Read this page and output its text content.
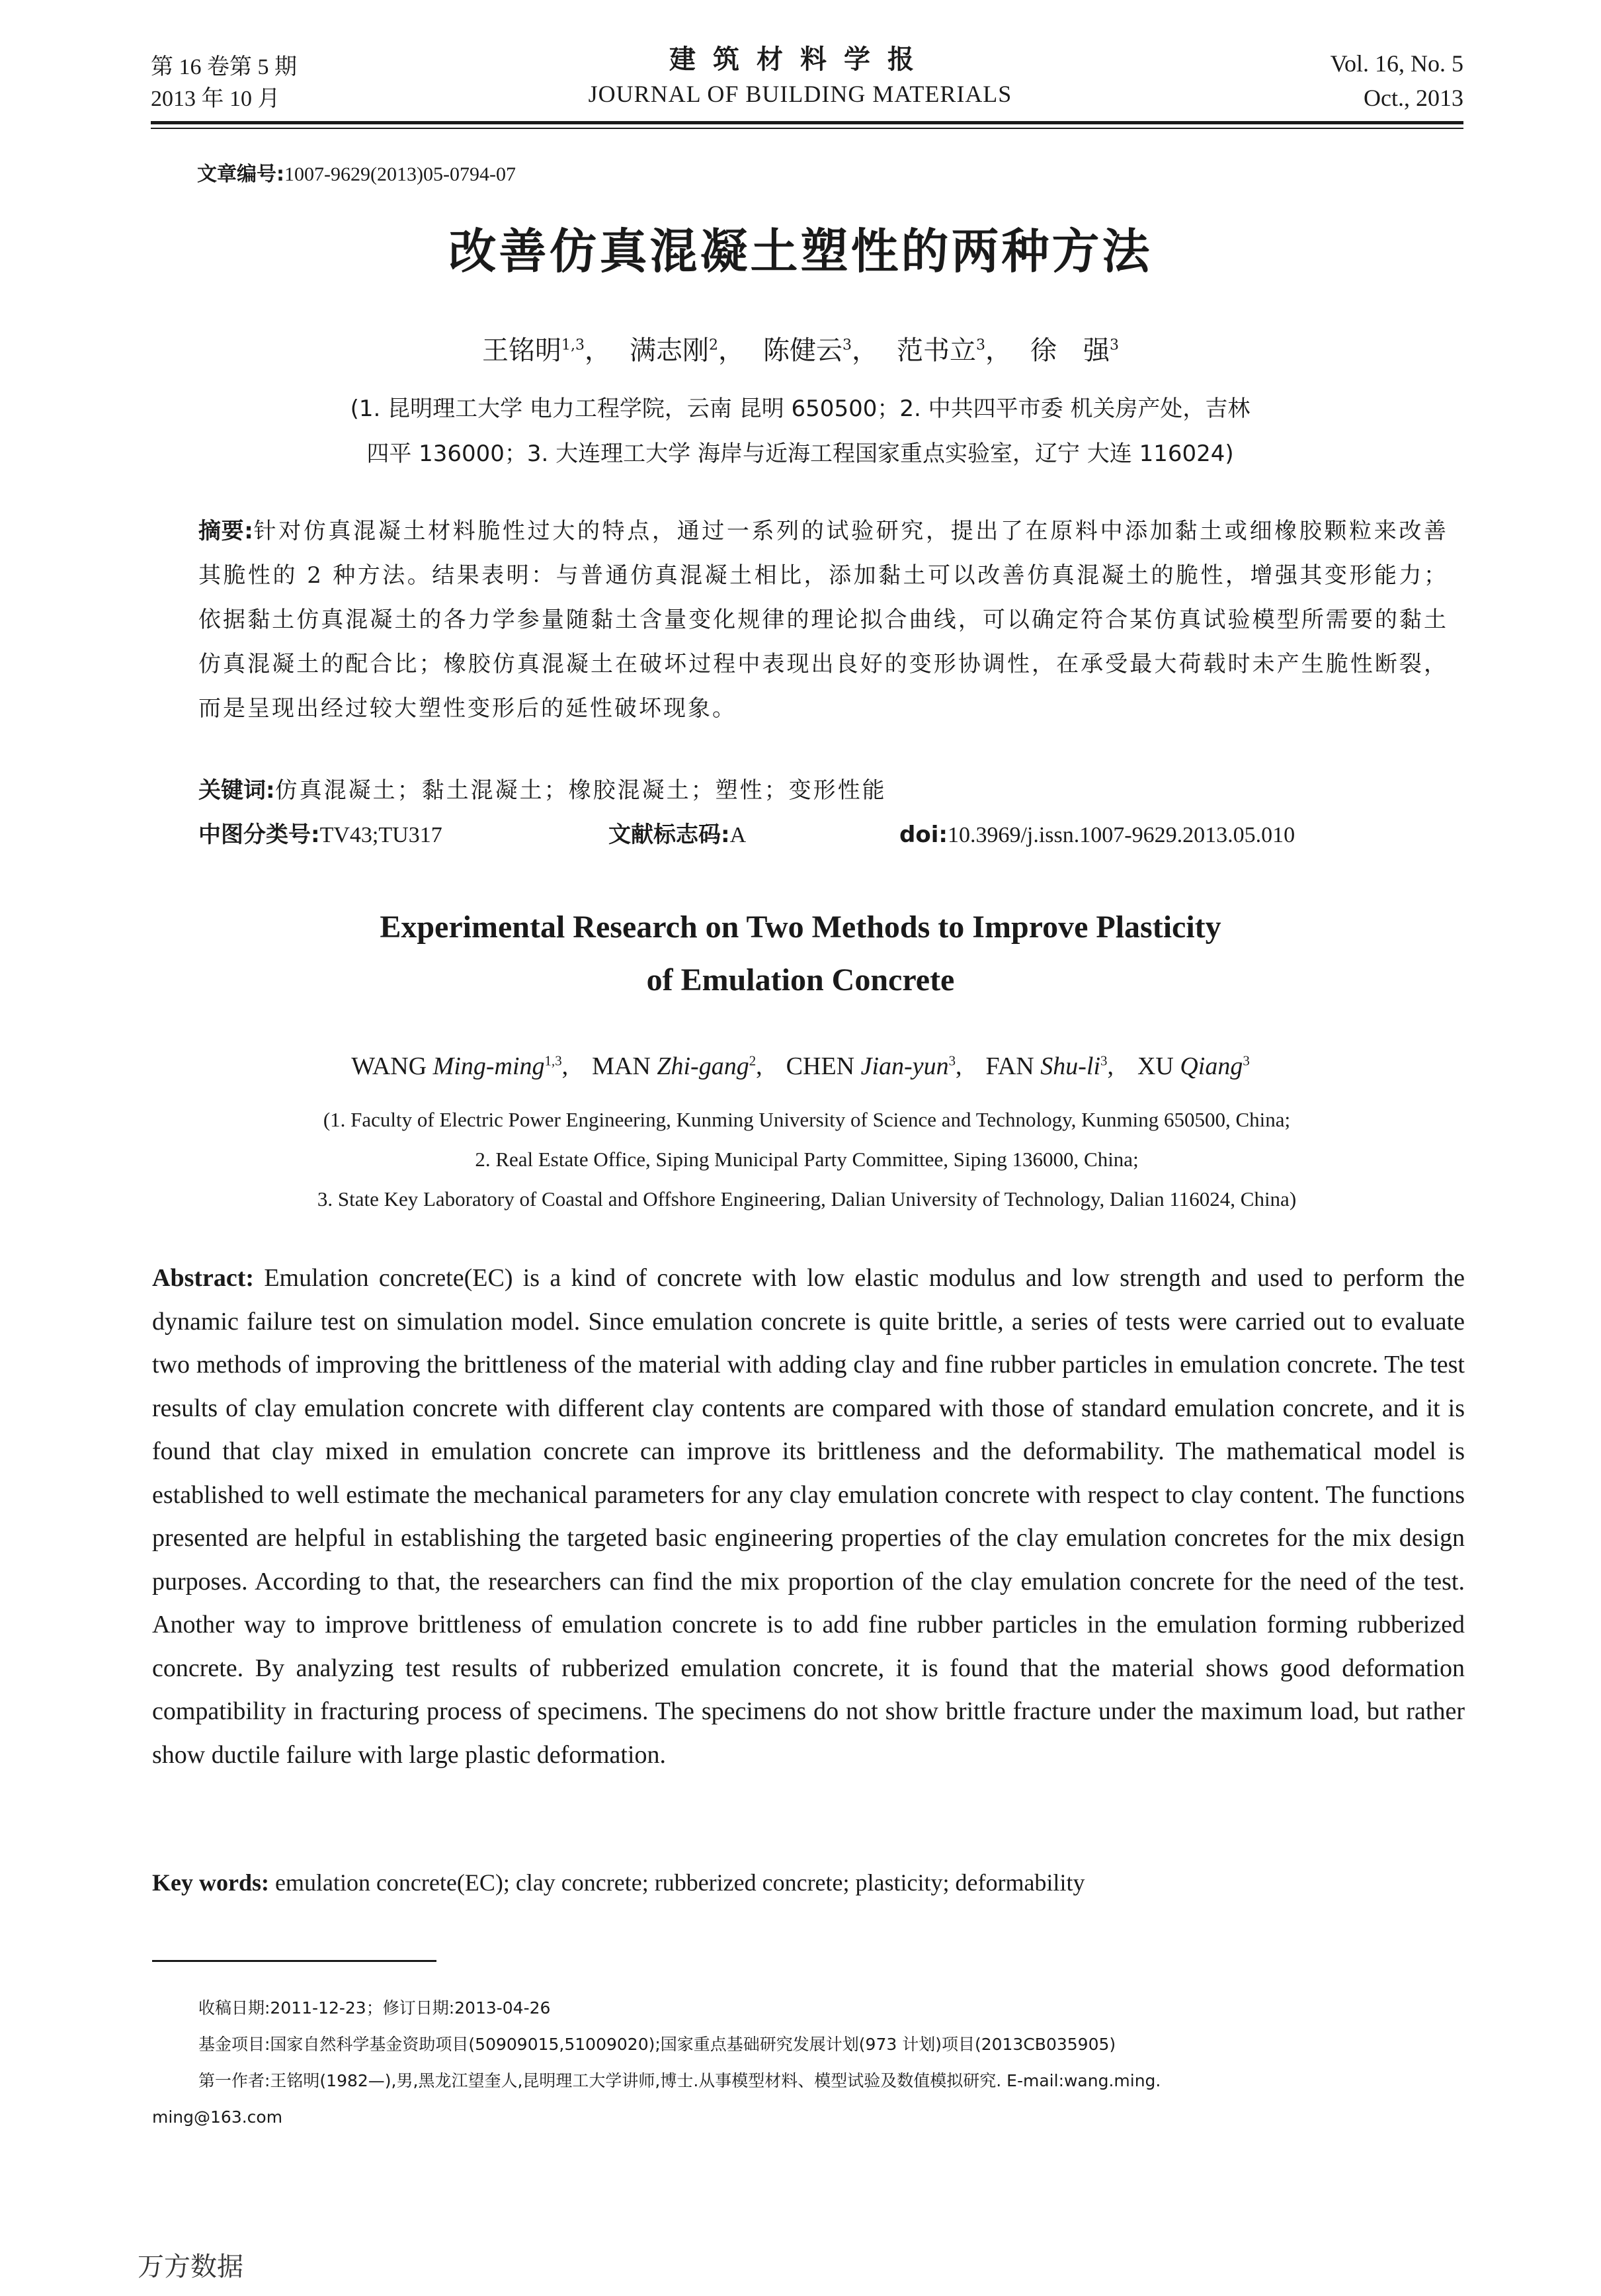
第 16 卷第 5 期
2013 年 10 月
建筑材料学报
JOURNAL OF BUILDING MATERIALS
Vol. 16, No. 5
Oct., 2013
文章编号:1007-9629(2013)05-0794-07
改善仿真混凝土塑性的两种方法
王铭明$^{1,3}$， 满志刚$^2$， 陈健云$^3$， 范书立$^3$， 徐　强$^3$
(1. 昆明理工大学 电力工程学院，云南 昆明 650500；2. 中共四平市委 机关房产处，吉林
四平 136000；3. 大连理工大学 海岸与近海工程国家重点实验室，辽宁 大连 116024)
摘要:针对仿真混凝土材料脆性过大的特点，通过一系列的试验研究，提出了在原料中添加黏土或细橡胶颗粒来改善其脆性的 2 种方法。结果表明：与普通仿真混凝土相比，添加黏土可以改善仿真混凝土的脆性，增强其变形能力；依据黏土仿真混凝土的各力学参量随黏土含量变化规律的理论拟合曲线，可以确定符合某仿真试验模型所需要的黏土仿真混凝土的配合比；橡胶仿真混凝土在破坏过程中表现出良好的变形协调性，在承受最大荷载时未产生脆性断裂，而是呈现出经过较大塑性变形后的延性破坏现象。
关键词:仿真混凝土；黏土混凝土；橡胶混凝土；塑性；变形性能
中图分类号:TV43;TU317	文献标志码:A	doi:10.3969/j.issn.1007-9629.2013.05.010
Experimental Research on Two Methods to Improve Plasticity
of Emulation Concrete
WANG Ming-ming$^{1,3}$, MAN Zhi-gang$^2$, CHEN Jian-yun$^3$, FAN Shu-$li^3$, XU Qiang$^3$
(1. Faculty of Electric Power Engineering, Kunming University of Science and Technology, Kunming 650500, China;
2. Real Estate Office, Siping Municipal Party Committee, Siping 136000, China;
3. State Key Laboratory of Coastal and Offshore Engineering, Dalian University of Technology, Dalian 116024, China)
Abstract: Emulation concrete(EC) is a kind of concrete with low elastic modulus and low strength and used to perform the dynamic failure test on simulation model. Since emulation concrete is quite brittle, a series of tests were carried out to evaluate two methods of improving the brittleness of the material with adding clay and fine rubber particles in emulation concrete. The test results of clay emulation concrete with different clay contents are compared with those of standard emulation concrete, and it is found that clay mixed in emulation concrete can improve its brittleness and the deformability. The mathematical model is established to well estimate the mechanical parameters for any clay emulation concrete with respect to clay content. The functions presented are helpful in establishing the targeted basic engineering properties of the clay emulation concretes for the mix design purposes. According to that, the researchers can find the mix proportion of the clay emulation concrete for the need of the test. Another way to improve brittleness of emulation concrete is to add fine rubber particles in the emulation forming rubberized concrete. By analyzing test results of rubberized emulation concrete, it is found that the material shows good deformation compatibility in fracturing process of specimens. The specimens do not show brittle fracture under the maximum load, but rather show ductile failure with large plastic deformation.
Key words: emulation concrete(EC); clay concrete; rubberized concrete; plasticity; deformability
收稿日期:2011-12-23；修订日期:2013-04-26
基金项目:国家自然科学基金资助项目(50909015,51009020);国家重点基础研究发展计划(973 计划)项目(2013CB035905)
第一作者:王铭明(1982—),男,黑龙江望奎人,昆明理工大学讲师,博士.从事模型材料、模型试验及数值模拟研究. E-mail:wang.ming.
ming@163.com
万方数据
